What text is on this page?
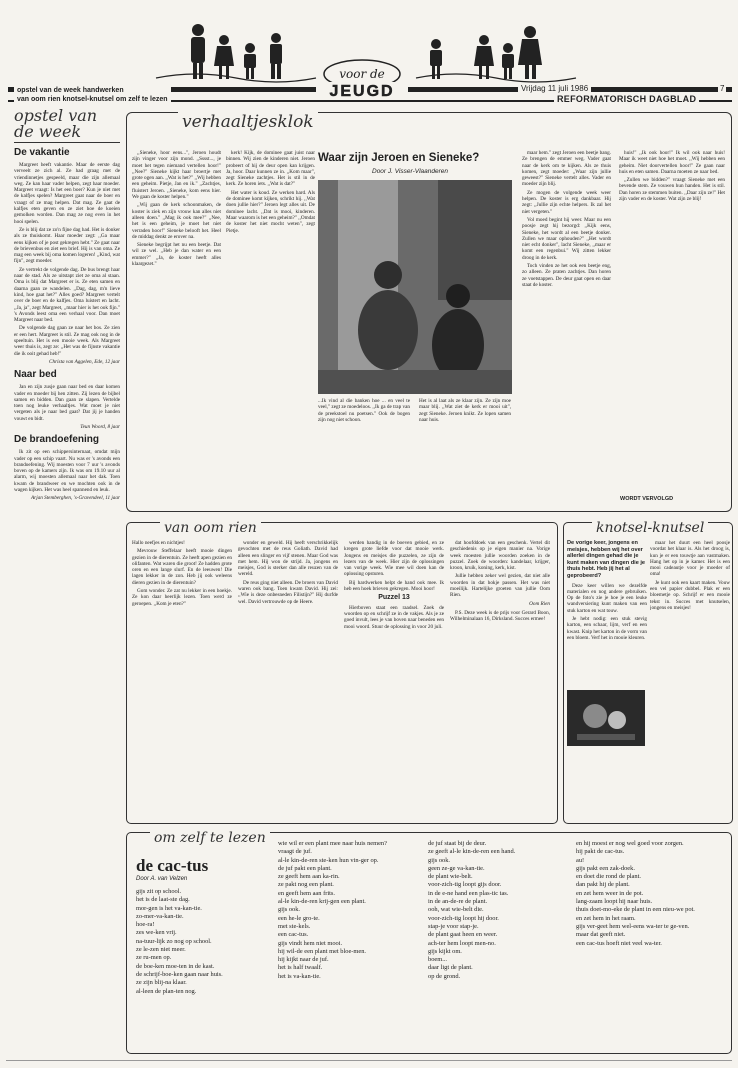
opstel van de week handwerken
van oom rien knotsel-knutsel om zelf te lezen
voor de
JEUGD	Vrijdag 11 juli 1986	7
REFORMATORISCH DAGBLAD
opstel van de week
De vakantie

Margreet heeft vakantie. Maar de eerste dag verveelt ze zich al. Ze had graag met de vriendinnetjes gespeeld, maar die zijn allemaal weg. Ze kan haar vader helpen, zegt haar moeder. Margreet vraagt: Is het een boer? Kun je niet met de kalfjes spelen? Margreet gaat naar de boer en vraagt of ze mag helpen. Dat mag. Ze gaat de kalfjes eten geven en ze ziet hoe de koeien gemolken worden. Dan mag ze nog even in het hooi spelen.

Ze is blij dat ze zo'n fijne dag had. Het is donker als ze thuiskomt. Haar moeder zegt: ,,Ga maar eens kijken of je post gekregen hebt." Ze gaat naar de brievenbus en ziet een brief. Hij is van oma. Ze mag een week bij oma komen logeren! ,,Kind, wat fijn", zegt moeder.

Ze vertrekt de volgende dag. De bus brengt haar naar de stad. Als ze uitstapt ziet ze oma al staan. Oma is blij dat Margreet er is. Ze eten samen en daarna gaan ze wandelen. ,,Dag, dag, m'n lieve kind, hoe gaat het?" Alles goed? Margreet vertelt over de boer en de kalfjes. Oma luistert en lacht. ,,Ja, ja", zegt Margreet, ,,maar hier is het ook fijn." 's Avonds leest oma een verhaal voor. Dan moet Margreet naar bed.

De volgende dag gaan ze naar het bos. Ze zien er een hert. Margreet is stil. Ze mag ook nog in de speeltuin. Het is een mooie week. Als Margreet weer thuis is, zegt ze: ,,Het was de fijnste vakantie die ik ooit gehad heb!"

Christa van Aggelen, Ede, 12 jaar

Naar bed

Jan en zijn zusje gaan naar bed en daar komen vader en moeder bij hen zitten. Zij lezen de bijbel samen en bidden. Dan gaan ze slapen. Vertelde toen nog leuke verhaaltjes. Wat moet je niet vergeten als je naar bed gaat? Dat jij je handen vouwt en bidt.

Teun Woord, 8 jaar

De brandoefening

Ik zit op een schippersinternaat, omdat mijn vader op een schip vaart. Nu was er 's avonds een brandoefening. Wij moesten voor 7 uur 's avonds boven op de kamers zijn. Ik was om 19.10 uur al alarm, wij moesten allemaal naar het dak. Toen kwam de brandweer en we mochten ook in de wagen kijken. Het was heel spannend en leuk.

Arjan Stemberghen, 's-Gravendeel, 11 jaar

verhaaltjesklok

,,Sieneke, hoor eens...", Jeroen houdt zijn vinger voor zijn mond. ,,Sssst..., je moet het tegen niemand vertellen hoor!" ,,Nee?" Sieneke kijkt haar broertje met grote ogen aan. ,,Wat is het?" ,,Wij hebben een geheim. Pietje, Jan en ik." ,,Zachtjes, fluistert Jeroen. ,,Sieneke, kom eens hier. We gaan de koster helpen."

,,Wij gaan de kerk schoonmaken, de koster is ziek en zijn vrouw kan alles niet alleen doen." ,,Mag ik ook mee?" ,,Nee, het is een geheim, je moet het niet verraden hoor!" Sieneke belooft het. Heel de middag denkt ze erover na.

Sieneke begrijpt het nu een beetje. Dat wil ze wel. ,,Heb je dan water en een emmer?" ,,Ja, de koster heeft alles klaargezet."

kerk! Kijk, de dominee gaat juist naar binnen. Wij zien de kinderen niet. Jeroen probeert of hij de deur open kan krijgen. Ja, hoor. Daar kunnen ze in. ,,Kom maar", zegt Sieneke zachtjes. Het is stil in de kerk. Ze horen iets. ,,Wat is dat?"

Het water is koud. Ze werken hard. Als de dominee komt kijken, schrikt hij. ,,Wat doen jullie hier?" Jeroen legt alles uit. De dominee lacht. ,,Dat is mooi, kinderen. Maar waarom is het een geheim?" ,,Omdat de koster het niet mocht weten", zegt Pietje.

Waar zijn Jeroen en Sieneke?
Door J. Visser-Vlaanderen
...Ik vind al die banken hoe ... en veel te veel," zegt ze moedeloos. ,,Ik ga de trap van de preekstoel nu poetsen." Ook de bogen zijn nog niet schoon.
Het is al laat als ze klaar zijn. Ze zijn moe maar blij. ,,Wat ziet de kerk er mooi uit", zegt Sieneke. Jeroen knikt. Ze lopen samen naar huis.

maar hem." zegt Jeroen een beetje bang. Ze brengen de emmer weg. Vader gaat naar de kerk om te kijken. Als ze thuis komen, zegt moeder: ,,Waar zijn jullie geweest?" Sieneke vertelt alles. Vader en moeder zijn blij.

Ze mogen de volgende week weer helpen. De koster is erg dankbaar. Hij zegt: ,,Jullie zijn echte helpers. Ik zal het niet vergeten."

Vol moed begint hij weer. Maar nu een poosje zegt hij bezorgd: ,,Kijk eens, Sieneke, het wordt al een beetje donker. Zullen we maar ophouden?" ,,Het wordt niet echt donker", lacht Sieneke, ,,maar er komt een regenbui." Wij zitten lekker droog in de kerk.

Toch vinden ze het ook een beetje eng, zo alleen. Ze praten zachtjes. Dan horen ze voetstappen. De deur gaat open en daar staat de koster.

huis!" ,,Ik ook hoor!" Ik wil ook naar huis! Maar ik weet niet hoe het moet. ,,Wij hebben een geheim. Niet doorvertellen hoor!" Ze gaan naar huis en eten samen. Daarna moeten ze naar bed.

,,Zullen we bidden?" vraagt Sieneke met een bevende stem. Ze vouwen hun handen. Het is stil. Dan horen ze stemmen buiten. ,,Daar zijn ze!" Het zijn vader en de koster. Wat zijn ze blij!

WORDT VERVOLGD
van oom rien

Hallo neefjes en nichtjes!

Mevrouw Steffelaar heeft mooie dingen gezien in de dierentuin. Ze heeft apen gezien en olifanten. Wat waren die groot! Ze hadden grote oren en een lange slurf. En de leeuwen! Die lagen lekker in de zon. Heb jij ook weleens dieren gezien in de dierentuin?

Gom wonder. Ze zat nu lekker in een hoekje. Ze kon daar heerlijk lezen. Toen werd ze geroepen. ,,Kom je eten?"

wonder en geweld. Hij heeft verschrikkelijk gevochten met de reus Goliath. David had alleen een slinger en vijf stenen. Maar God was met hem. Hij won de strijd. Ja, jongens en meisjes, God is sterker dan alle reuzen van de wereld.

De reus ging niet alleen. De broers van David waren ook bang. Toen kwam David. Hij zei: ,,Wie is deze onbesneden Filistijn?" Hij durfde wel. David vertrouwde op de Heere.

werden handig in de boeven gebied, en ze kregen grote liefde voor dat mooie werk. Jongens en meisjes die puzzelen, ze zijn de lezers van de week. Hier zijn de oplossingen van vorige week. Wie mee wil doen kan de oplossing opsturen.

Bij hardwerken helpt de hand ook mee. Ik heb een hoek brieven gekregen. Mooi hoor!

Puzzel 13

Hierboven staat een raadsel. Zoek de woorden op en schrijf ze in de vakjes. Als je ze goed invult, lees je van boven naar beneden een mooi woord. Stuur de oplossing in voor 20 juli.

dat hoofddoek van een geschenk. Vertel dit geschiedenis op je eigen manier na. Vorige week moesten jullie woorden zoeken in de puzzel. Zoek de woorden: kandelaar, krijger, kroon, kruik, koning, kerk, kist.

Jullie hebben zeker wel gezien, dat niet alle woorden in dat hokje passen. Het was niet moeilijk. Hartelijke groeten van jullie Oom Rien.

Oom Rien

P.S. Deze week is de prijs voor Gerard Boon, Wilhelminalaan 16, Dirksland. Succes ermee!

knotsel-knutsel

De vorige keer, jongens en meisjes, hebben wij het over allerlei dingen gehad die je kunt maken van dingen die je thuis hebt. Heb jij het al geprobeerd?

Deze keer willen we dezelfde materialen en nog andere gebruiken. Op de foto's zie je hoe je een leuke wandversiering kunt maken van een stuk karton en wat touw.

Je hebt nodig: een stuk stevig karton, een schaar, lijm, verf en een kwast. Knip het karton in de vorm van een bloem. Verf het in mooie kleuren.

maar het duurt een heel poosje voordat het klaar is. Als het droog is, kun je er een touwtje aan vastmaken. Hang het op in je kamer. Het is een mooi cadeautje voor je moeder of oma!

Je kunt ook een kaart maken. Vouw een vel papier dubbel. Plak er een bloemetje op. Schrijf er een mooie tekst in. Succes met knutselen, jongens en meisjes!

om zelf te lezen
de cac-tus
Door A. van Velzen
gijs zit op school.
het is de laat-ste dag.
mor-gen is het va-kan-tie.
zo-mer-va-kan-tie.
hoe-ra!
zes we-ken vrij.
na-tuur-lijk zo nog op school.
ze le-zen niet meer.
ze ru-men op.
de boe-ken moe-ten in de kast.
de schrijf-boe-ken gaan naar huis.
ze zijn blij-na klaar.
al-leen de plan-ten nog.
wie wil er een plant mee naar huis nemen?
vraagt de juf.
al-le kin-de-ren ste-ken hun vin-ger op.
de juf pakt een plant.
ze geeft hem aan ka-rin.
ze pakt nog een plant.
en geeft hem aan frits.
al-le kin-de-ren krij-gen een plant.
gijs ook.
een he-le gro-te.
met ste-kels.
een cac-tus.
gijs vindt hem niet mooi.
hij wil-de een plant met bloe-men.
hij kijkt naar de juf.
het is half twaalf.
het is va-kan-tie.
de juf staat bij de deur.
ze geeft al-le kin-de-ren een hand.
gijs ook.
geen ze-ge va-kan-tie.
de plant wie-belt.
voor-zich-tig loopt gijs door.
in de e-ne hand een plas-tic tas.
in de an-de-re de plant.
ooh, wat wie-belt die.
voor-zich-tig loopt hij door.
stap-je voor stap-je.
de plant gaat heen en weer.
ach-ter hem loopt men-no.
gijs kijkt om.
boem...
daar ligt de plant.
op de grond.
en hij moest er nog wel goed voor zorgen.
hij pakt de cac-tus.
au!
gijs pakt een zak-doek.
en doet die rond de plant.
dan pakt hij de plant.
en zet hem weer in de pot.
lang-zaam loopt hij naar huis.
thuis doet-mo-eke de plant in een nieu-we pot.
en zet hem in het raam.
gijs ver-geet hem wel-eens wa-ter te ge-ven.
maar dat geeft niet.
een cac-tus hoeft niet veel wa-ter.
